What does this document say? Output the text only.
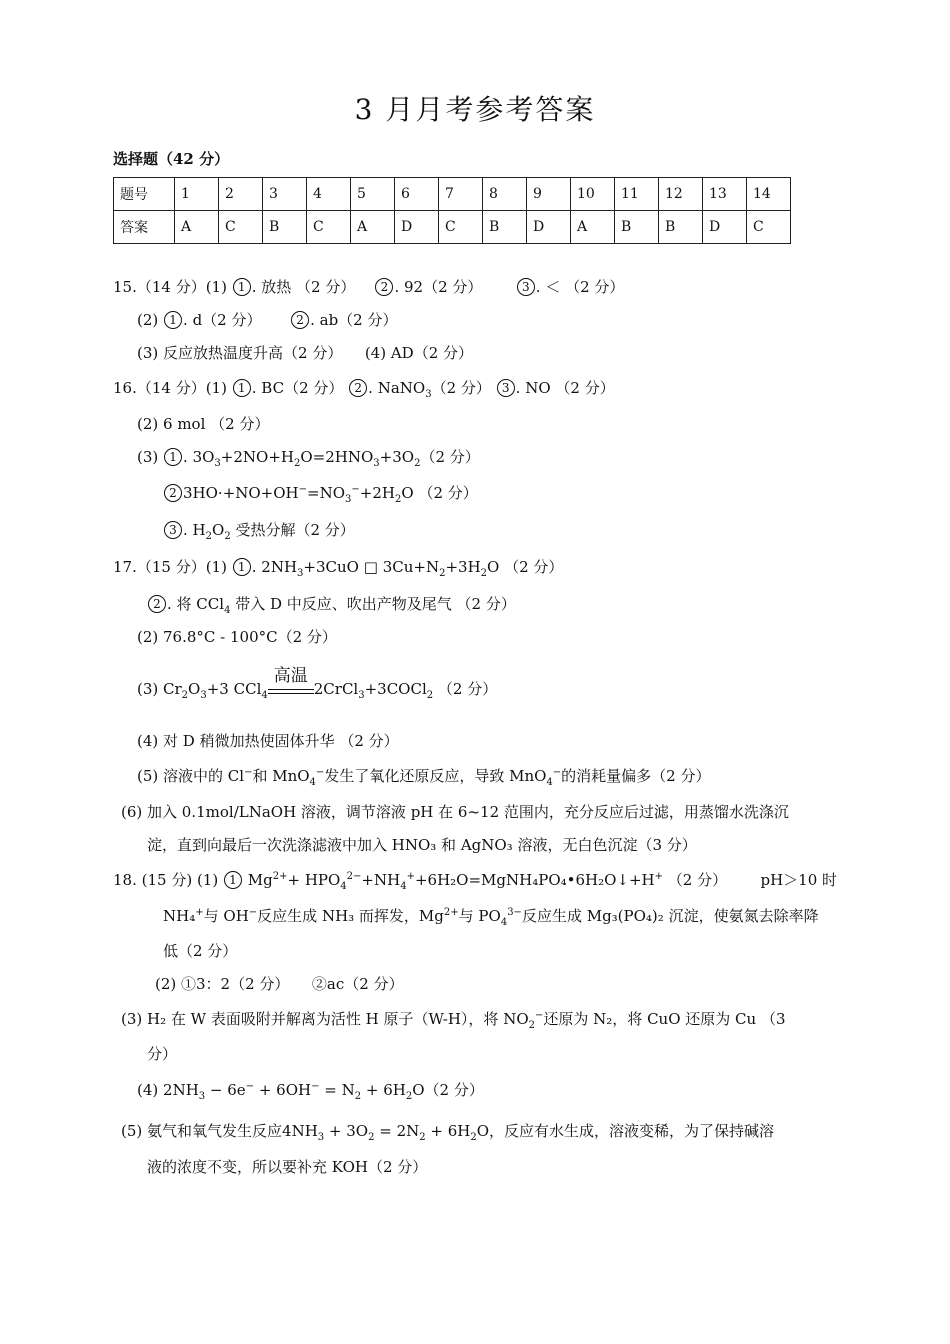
3 月月考参考答案
选择题（42 分）
题号	1	2	3	4	5	6	7	8	9	10	11	12	13	14
答案	A	C	B	C	A	D	C	B	D	A	B	B	D	C
15.（14 分）(1) 1 . 放热 （2 分） 2 . 92（2 分）	3 . ＜ （2 分）
(2) 1 . d（2 分）	2 . ab（2 分）
(3) 反应放热温度升高（2 分）　　(4) AD（2 分）
16.（14 分）(1) 1 . BC（2 分） 2 . NaNO$_3$（2 分） 3 . NO （2 分）
(2) 6 mol （2 分）
(3) 1 . $3O_3+2NO+H_2O=2HNO_3+3O_2(2$ 分）
2 $3HO\cdot+NO+OH^-=NO_3^-+2H_2O$ （2 分）
3 . $H_2O_2$ 受热分解（2 分）
17.（15 分）(1) 1 . $2NH_3+3CuO$ □ $3Cu+N_2+3H_2O$ （2 分）
2 . 将 CCl$_4$ 带入 D 中反应、吹出产物及尾气 （2 分）
(2) 76.8°C - 100°C（2 分）
(3) $Cr_2O_3+3$ CCl$_4$
高温
2CrCl$_3$+3COCl$_2$ （2 分）
(4) 对 D 稍微加热使固体升华 （2 分）
(5) 溶液中的 Cl−和 MnO$_4$−发生了氧化还原反应，导致 MnO$_4$−的消耗量偏多（2 分）
(6) 加入 0.1mol/LNaOH 溶液，调节溶液 pH 在 6~12 范围内，充分反应后过滤，用蒸馏水洗涤沉
淀，直到向最后一次洗涤滤液中加入 HNO₃ 和 AgNO₃ 溶液，无白色沉淀（3 分）
18. (15 分) (1) 1 $Mg^{2+}+$ $HPO_4^{2-}+NH_4^++6H_2O=MgNH_4PO_4•6H_2O↓+H^+$ （2 分） pH＞10 时
NH₄+与 OH−反应生成 NH₃ 而挥发，$Mg^{2+}$与 $PO_4^{3-}$反应生成 Mg₃(PO₄)₂ 沉淀，使氨氮去除率降
低（2 分）
(2) ①3：2（2 分）　　②ac（2 分）
(3) H₂ 在 W 表面吸附并解离为活性 H 原子（W-H），将 $NO_2^-$还原为 N₂，将 CuO 还原为 Cu （3
分）
(4) $2NH_3 - 6e^- + 6OH^- = N_2 + 6H_2O(2$ 分）
(5) 氨气和氧气发生反应$4NH_3 + 3O_2 = 2N_2 + 6H_2O$，反应有水生成，溶液变稀，为了保持碱溶
液的浓度不变，所以要补充 KOH（2 分）
